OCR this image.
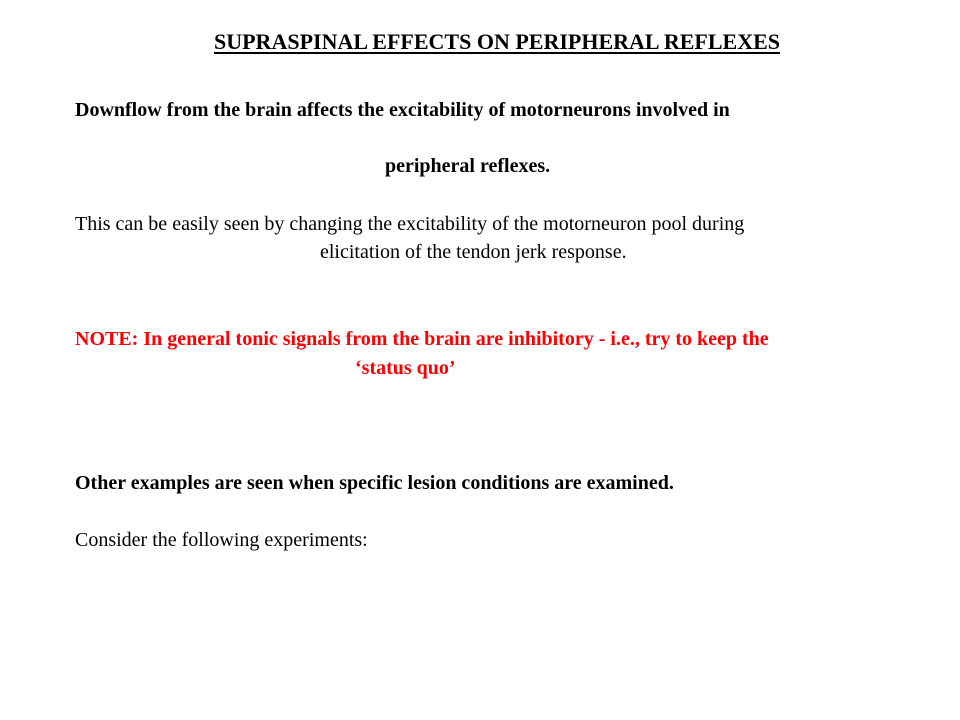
SUPRASPINAL EFFECTS ON PERIPHERAL REFLEXES

Downflow from the brain affects the excitability of motorneurons involved in

peripheral reflexes.

This can be easily seen by changing the excitability of the motorneuron pool during

elicitation of the tendon jerk response.

NOTE: In general tonic signals from the brain are inhibitory - i.e., try to keep the

‘status quo’

Other examples are seen when specific lesion conditions are examined.

Consider the following experiments:
